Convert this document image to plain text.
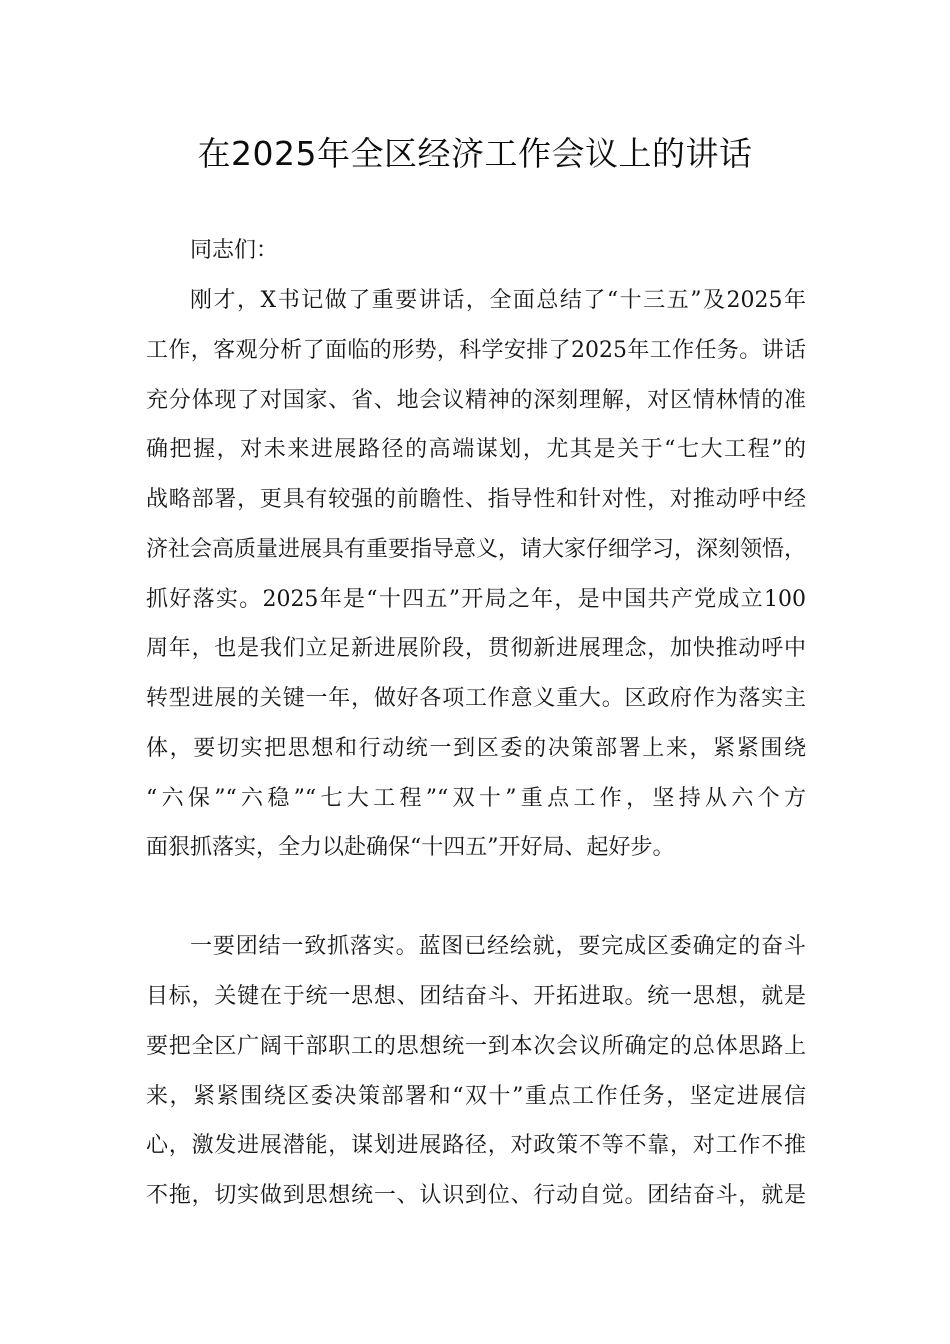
在2025年全区经济工作会议上的讲话
同志们：
刚才，X书记做了重要讲话，全面总结了“十三五”及2025年
工作，客观分析了面临的形势，科学安排了2025年工作任务。讲话
充分体现了对国家、省、地会议精神的深刻理解，对区情林情的准
确把握，对未来进展路径的高端谋划，尤其是关于“七大工程”的
战略部署，更具有较强的前瞻性、指导性和针对性，对推动呼中经
济社会高质量进展具有重要指导意义，请大家仔细学习，深刻领悟，
抓好落实。2025年是“十四五”开局之年，是中国共产党成立100
周年，也是我们立足新进展阶段，贯彻新进展理念，加快推动呼中
转型进展的关键一年，做好各项工作意义重大。区政府作为落实主
体，要切实把思想和行动统一到区委的决策部署上来，紧紧围绕
“六保”“六稳”“七大工程”“双十”重点工作，坚持从六个方
面狠抓落实，全力以赴确保“十四五”开好局、起好步。
一要团结一致抓落实。蓝图已经绘就，要完成区委确定的奋斗
目标，关键在于统一思想、团结奋斗、开拓进取。统一思想，就是
要把全区广阔干部职工的思想统一到本次会议所确定的总体思路上
来，紧紧围绕区委决策部署和“双十”重点工作任务，坚定进展信
心，激发进展潜能，谋划进展路径，对政策不等不靠，对工作不推
不拖，切实做到思想统一、认识到位、行动自觉。团结奋斗，就是
